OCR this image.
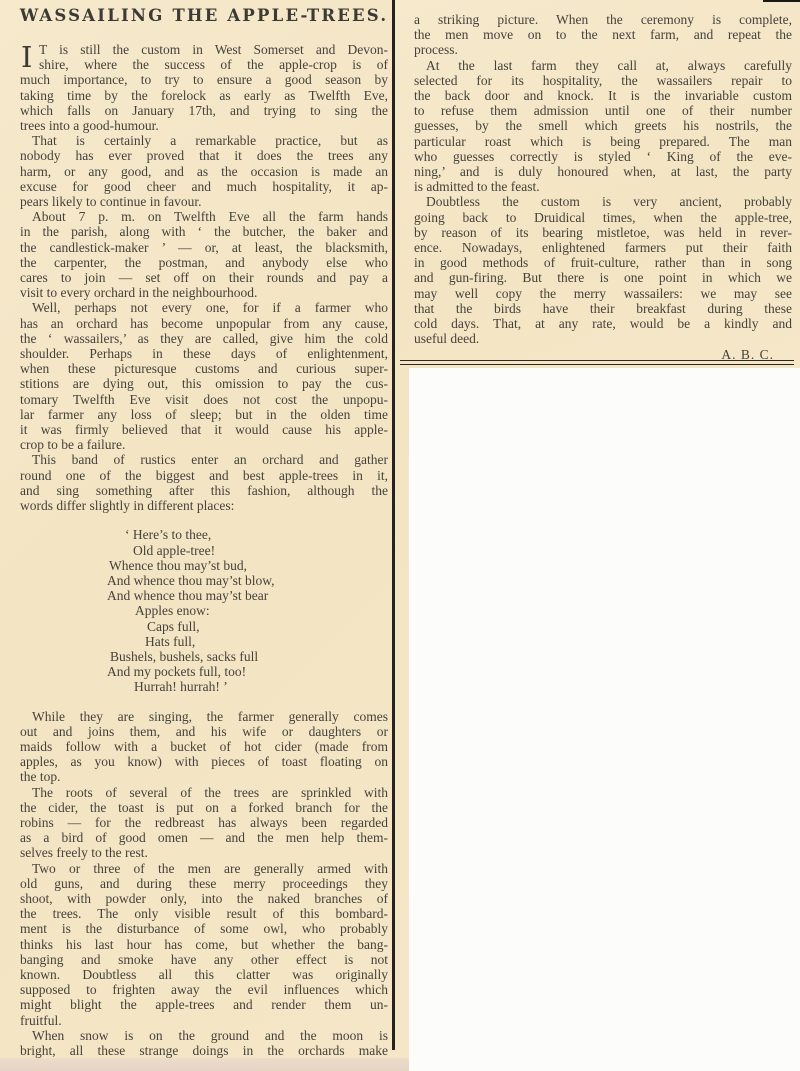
WASSAILING THE APPLE-TREES.
I T is still the custom in West Somerset and Devon-
shire, where the success of the apple-crop is of
much importance, to try to ensure a good season by
taking time by the forelock as early as Twelfth Eve,
which falls on January 17th, and trying to sing the
trees into a good-humour.
That is certainly a remarkable practice, but as
nobody has ever proved that it does the trees any
harm, or any good, and as the occasion is made an
excuse for good cheer and much hospitality, it ap-
pears likely to continue in favour.
About 7 p. m. on Twelfth Eve all the farm hands
in the parish, along with ‘ the butcher, the baker and
the candlestick-maker ’ — or, at least, the blacksmith,
the carpenter, the postman, and anybody else who
cares to join — set off on their rounds and pay a
visit to every orchard in the neighbourhood.
Well, perhaps not every one, for if a farmer who
has an orchard has become unpopular from any cause,
the ‘ wassailers,’ as they are called, give him the cold
shoulder. Perhaps in these days of enlightenment,
when these picturesque customs and curious super-
stitions are dying out, this omission to pay the cus-
tomary Twelfth Eve visit does not cost the unpopu-
lar farmer any loss of sleep; but in the olden time
it was firmly believed that it would cause his apple-
crop to be a failure.
This band of rustics enter an orchard and gather
round one of the biggest and best apple-trees in it,
and sing something after this fashion, although the
words differ slightly in different places:
‘ Here’s to thee,
Old apple-tree!
Whence thou may’st bud,
And whence thou may’st blow,
And whence thou may’st bear
Apples enow:
Caps full,
Hats full,
Bushels, bushels, sacks full
And my pockets full, too!
Hurrah! hurrah! ’
While they are singing, the farmer generally comes
out and joins them, and his wife or daughters or
maids follow with a bucket of hot cider (made from
apples, as you know) with pieces of toast floating on
the top.
The roots of several of the trees are sprinkled with
the cider, the toast is put on a forked branch for the
robins — for the redbreast has always been regarded
as a bird of good omen — and the men help them-
selves freely to the rest.
Two or three of the men are generally armed with
old guns, and during these merry proceedings they
shoot, with powder only, into the naked branches of
the trees. The only visible result of this bombard-
ment is the disturbance of some owl, who probably
thinks his last hour has come, but whether the bang-
banging and smoke have any other effect is not
known. Doubtless all this clatter was originally
supposed to frighten away the evil influences which
might blight the apple-trees and render them un-
fruitful.
When snow is on the ground and the moon is
bright, all these strange doings in the orchards make
a striking picture. When the ceremony is complete,
the men move on to the next farm, and repeat the
process.
At the last farm they call at, always carefully
selected for its hospitality, the wassailers repair to
the back door and knock. It is the invariable custom
to refuse them admission until one of their number
guesses, by the smell which greets his nostrils, the
particular roast which is being prepared. The man
who guesses correctly is styled ‘ King of the eve-
ning,’ and is duly honoured when, at last, the party
is admitted to the feast.
Doubtless the custom is very ancient, probably
going back to Druidical times, when the apple-tree,
by reason of its bearing mistletoe, was held in rever-
ence. Nowadays, enlightened farmers put their faith
in good methods of fruit-culture, rather than in song
and gun-firing. But there is one point in which we
may well copy the merry wassailers: we may see
that the birds have their breakfast during these
cold days. That, at any rate, would be a kindly and
useful deed.
A. B. C.
